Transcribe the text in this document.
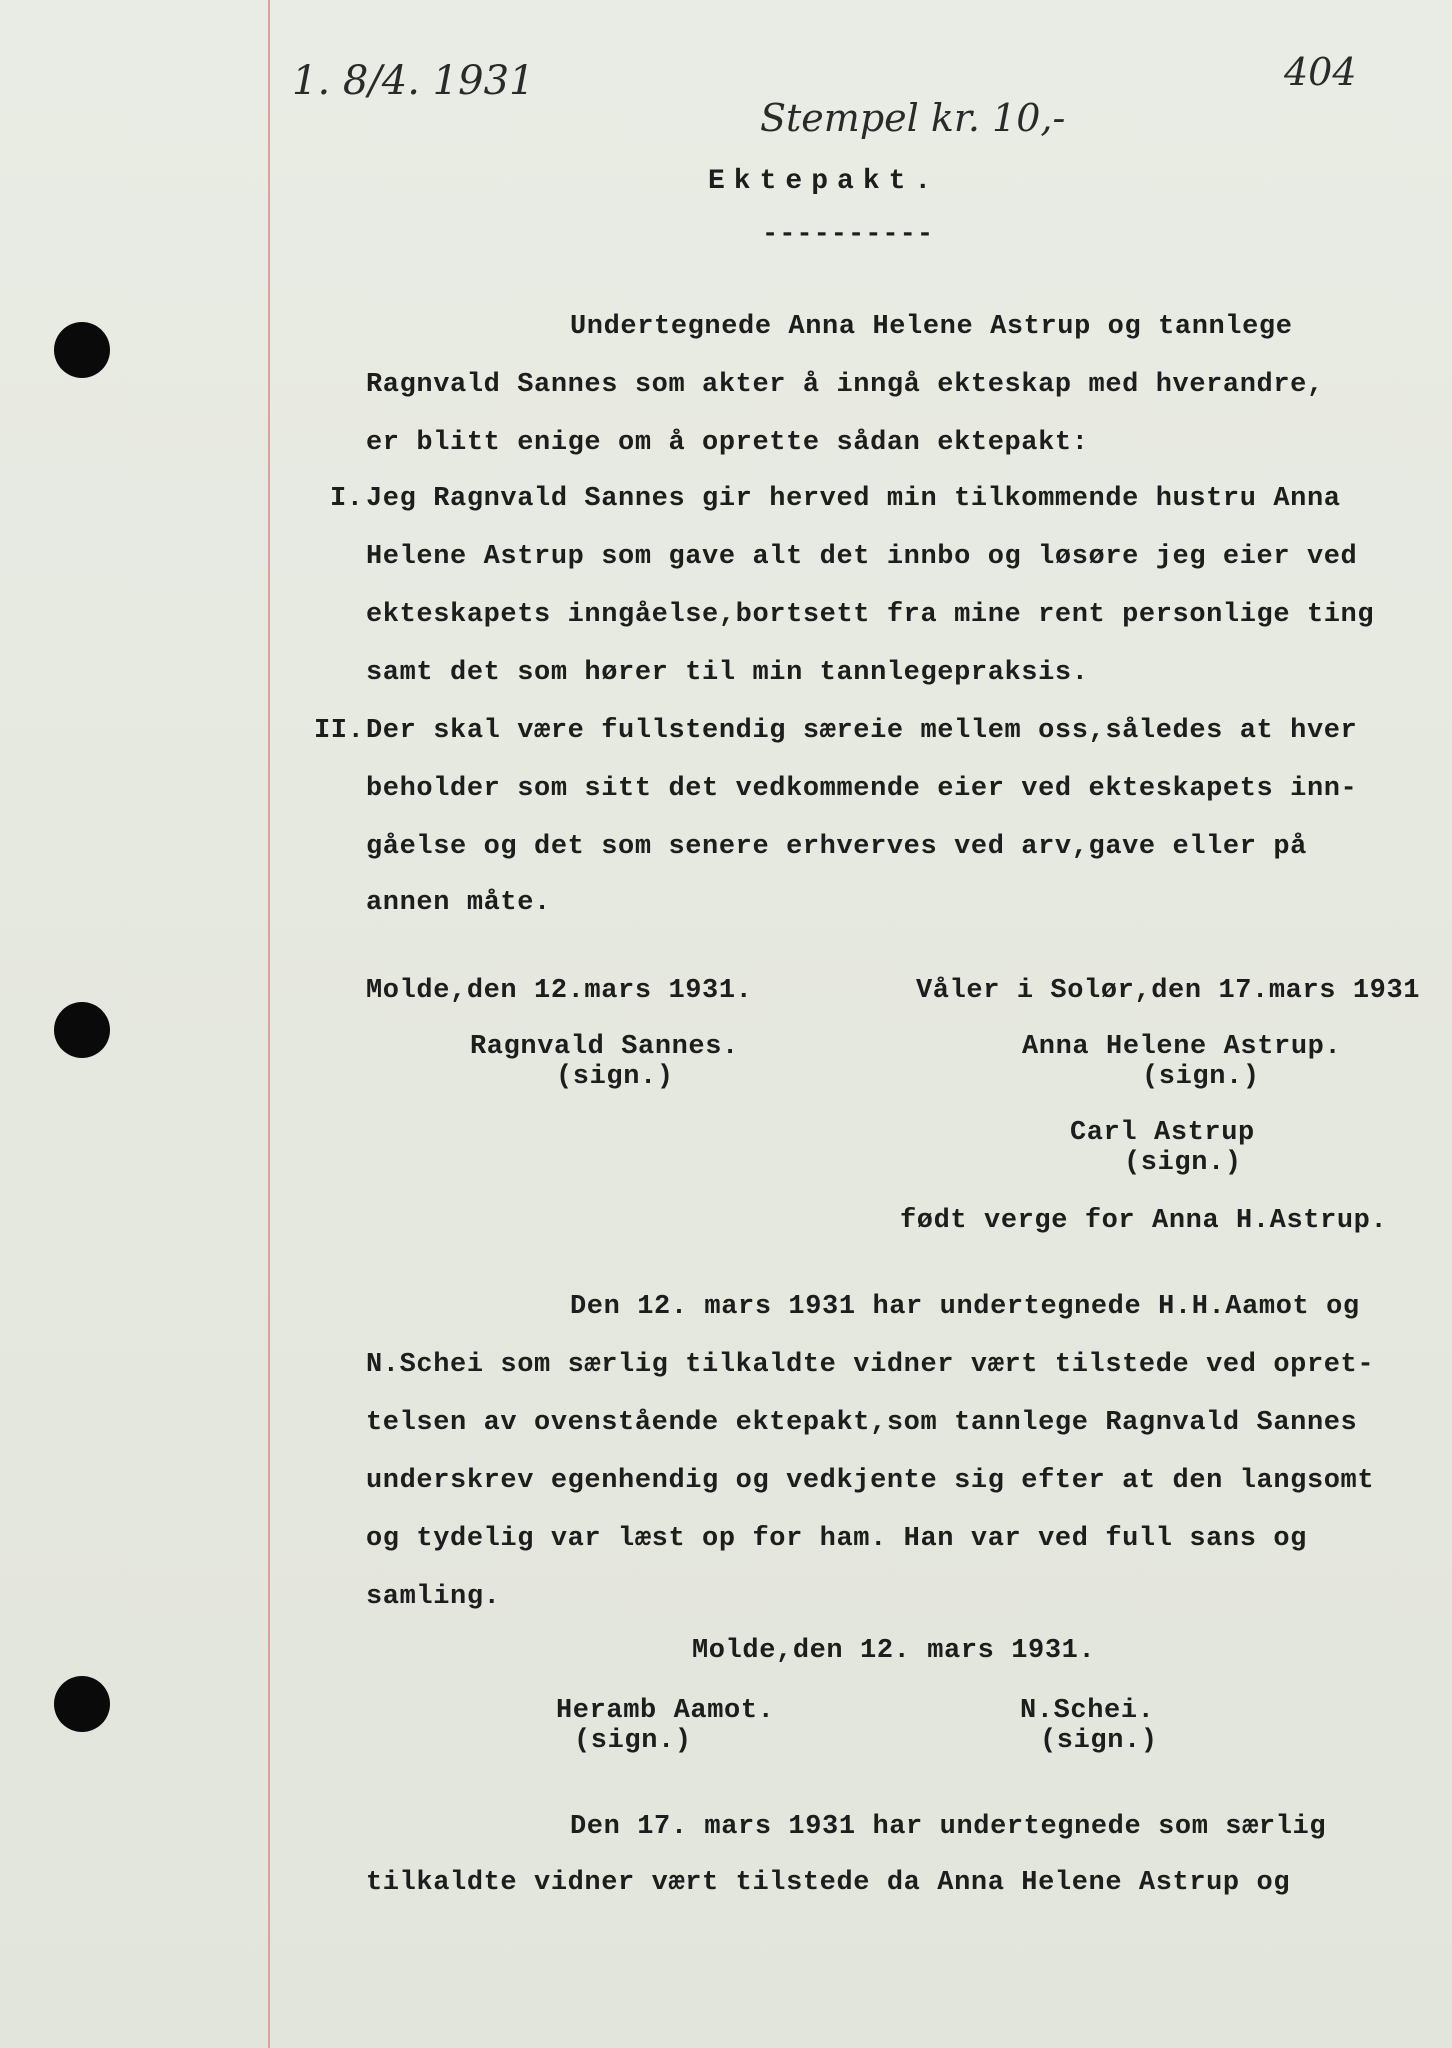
1. 8/4. 1931
Stempel kr. 10,-
404
Ektepakt.
----------
Undertegnede Anna Helene Astrup og tannlege
Ragnvald Sannes som akter å inngå ekteskap med hverandre,
er blitt enige om å oprette sådan ektepakt:
I. Jeg Ragnvald Sannes gir herved min tilkommende hustru Anna
Helene Astrup som gave alt det innbo og løsøre jeg eier ved
ekteskapets inngåelse,bortsett fra mine rent personlige ting
samt det som hører til min tannlegepraksis.
II. Der skal være fullstendig særeie mellem oss,således at hver
beholder som sitt det vedkommende eier ved ekteskapets inn-
gåelse og det som senere erhverves ved arv,gave eller på
annen måte.
Molde,den 12.mars 1931.	Våler i Solør,den 17.mars 1931
Ragnvald Sannes.
(sign.)
Anna Helene Astrup.
(sign.)
Carl Astrup
(sign.)
født verge for Anna H.Astrup.
Den 12. mars 1931 har undertegnede H.H.Aamot og
N.Schei som særlig tilkaldte vidner vært tilstede ved opret-
telsen av ovenstående ektepakt,som tannlege Ragnvald Sannes
underskrev egenhendig og vedkjente sig efter at den langsomt
og tydelig var læst op for ham. Han var ved full sans og
samling.
Molde,den 12. mars 1931.
Heramb Aamot.
(sign.)
N.Schei.
(sign.)
Den 17. mars 1931 har undertegnede som særlig
tilkaldte vidner vært tilstede da Anna Helene Astrup og
